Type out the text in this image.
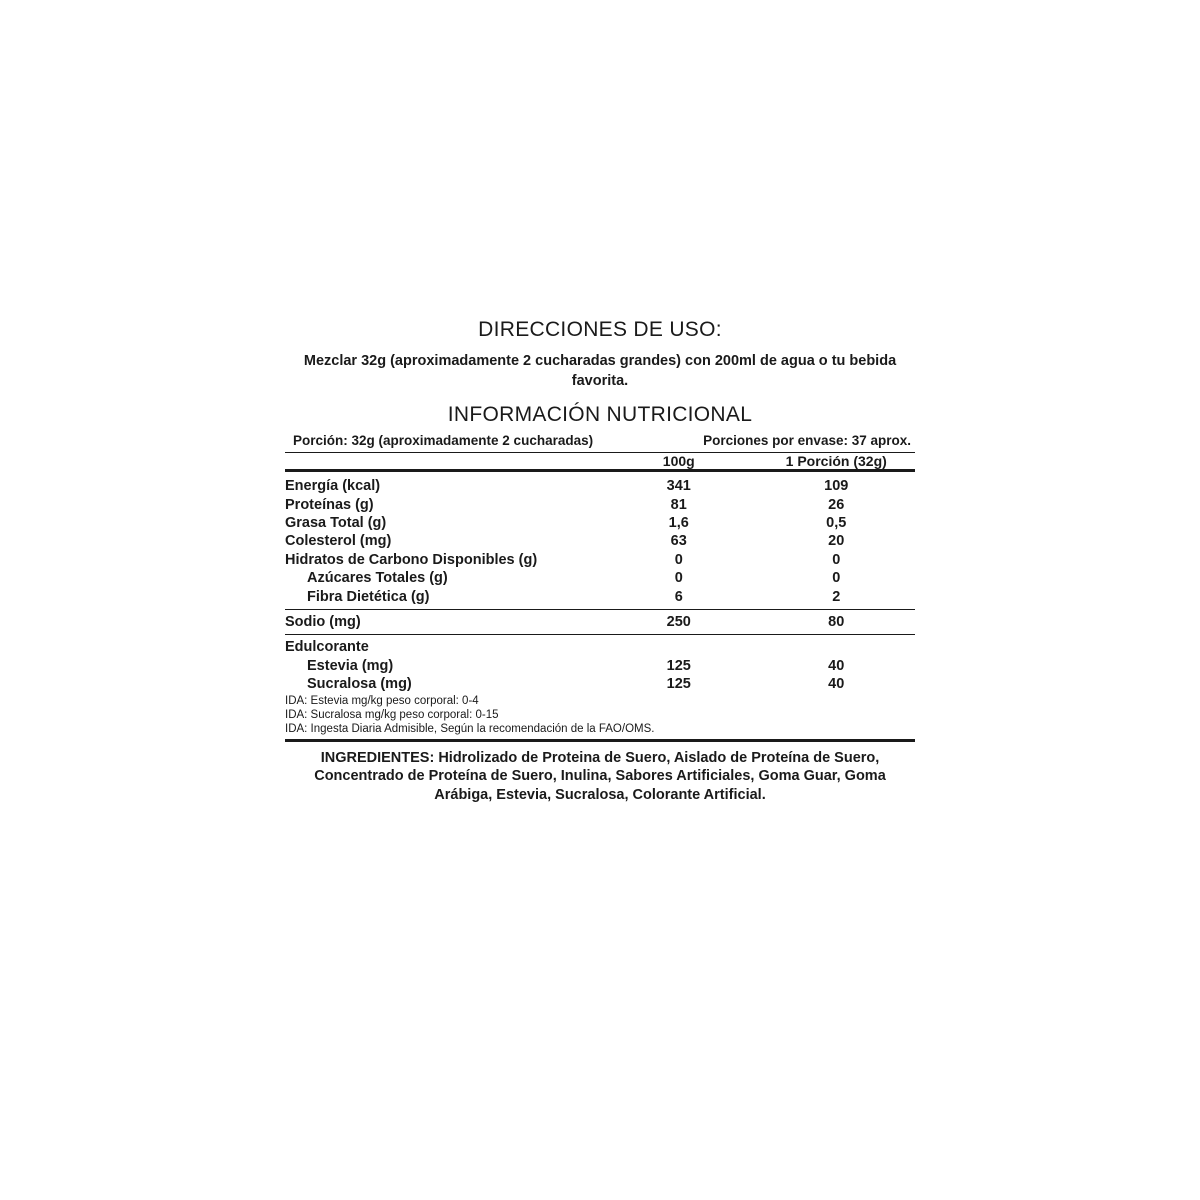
DIRECCIONES DE USO:
Mezclar 32g (aproximadamente 2 cucharadas grandes) con 200ml de agua o tu bebida favorita.
INFORMACIÓN NUTRICIONAL
Porción: 32g (aproximadamente 2 cucharadas)	Porciones por envase: 37 aprox.

	100g	1 Porción (32g)

Energía (kcal)	341	109
Proteínas (g)	81	26
Grasa Total (g)	1,6	0,5
Colesterol (mg)	63	20
Hidratos de Carbono Disponibles (g)	0	0
Azúcares Totales (g)	0	0
Fibra Dietética (g)	6	2

Sodio (mg)	250	80

Edulcorante		
Estevia (mg)	125	40
Sucralosa (mg)	125	40
IDA: Estevia mg/kg peso corporal: 0-4		
IDA: Sucralosa mg/kg peso corporal: 0-15		
IDA: Ingesta Diaria Admisible, Según la recomendación de la FAO/OMS.		

INGREDIENTES: Hidrolizado de Proteina de Suero, Aislado de Proteína de Suero, Concentrado de Proteína de Suero, Inulina, Sabores Artificiales, Goma Guar, Goma Arábiga, Estevia, Sucralosa, Colorante Artificial.
